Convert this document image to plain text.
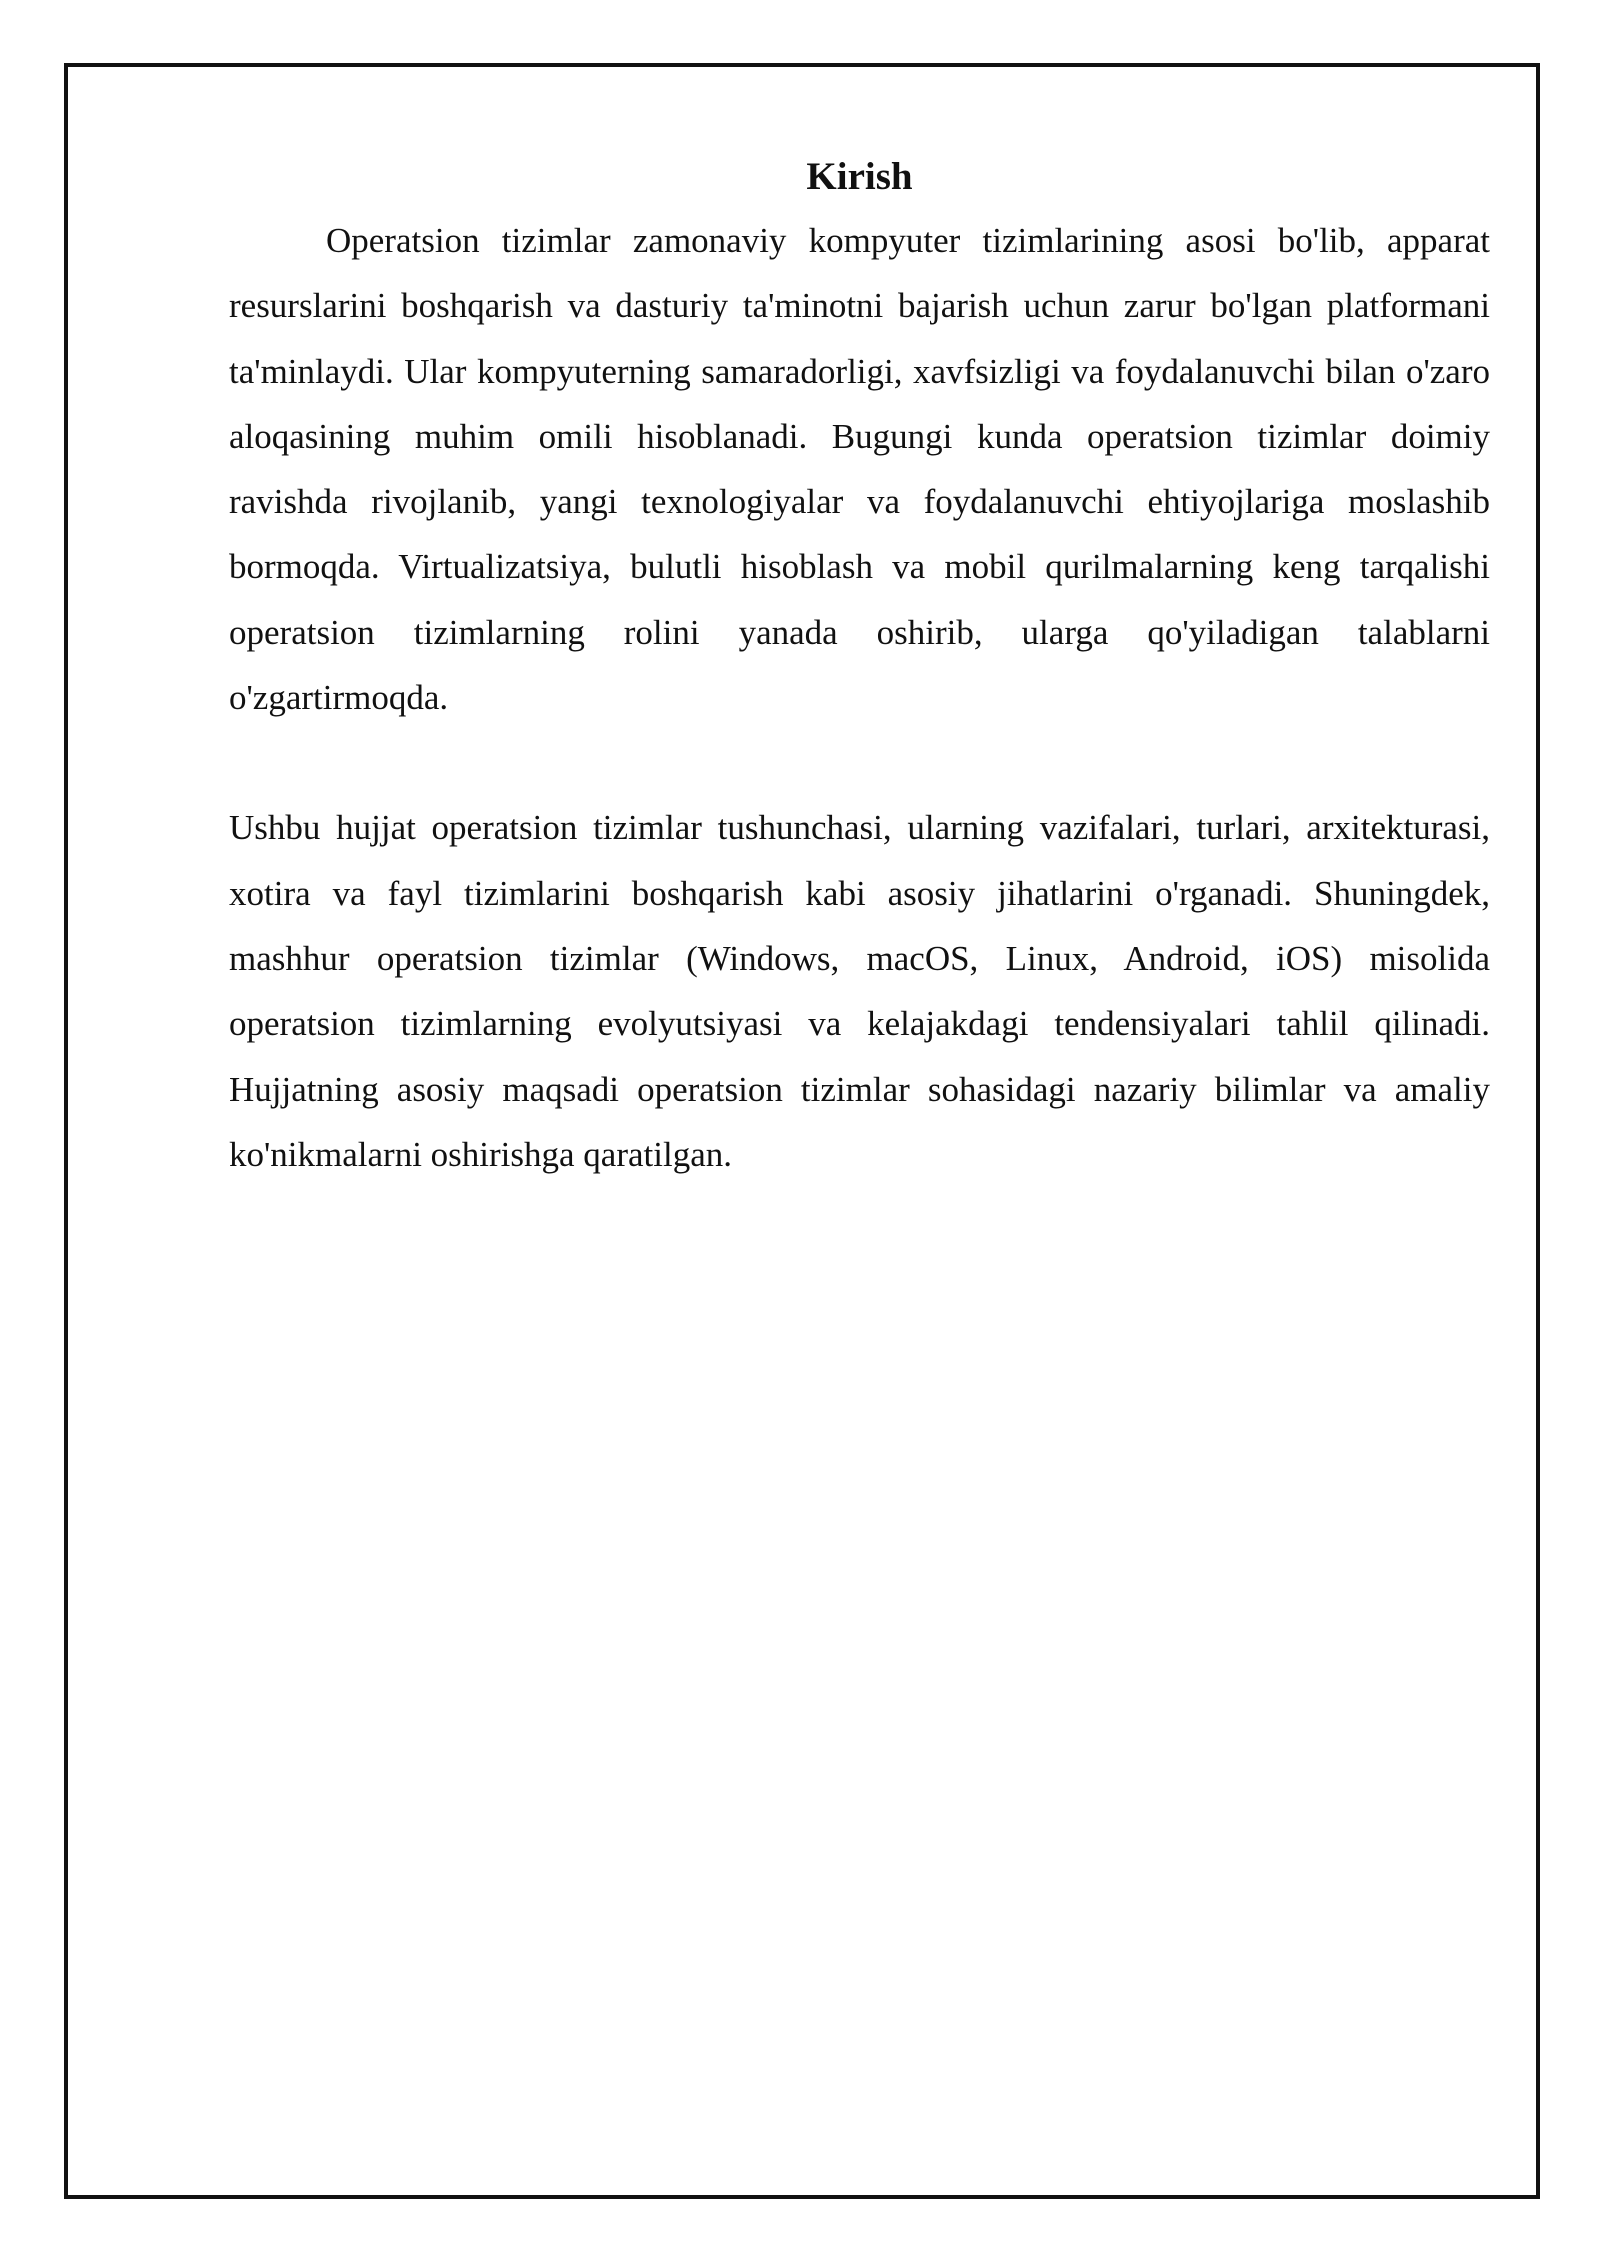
Kirish

Operatsion tizimlar zamonaviy kompyuter tizimlarining asosi bo'lib, apparat resurslarini boshqarish va dasturiy ta'minotni bajarish uchun zarur bo'lgan platformani ta'minlaydi. Ular kompyuterning samaradorligi, xavfsizligi va foydalanuvchi bilan o'zaro aloqasining muhim omili hisoblanadi. Bugungi kunda operatsion tizimlar doimiy ravishda rivojlanib, yangi texnologiyalar va foydalanuvchi ehtiyojlariga moslashib bormoqda. Virtualizatsiya, bulutli hisoblash va mobil qurilmalarning keng tarqalishi operatsion tizimlarning rolini yanada oshirib, ularga qo'yiladigan talablarni o'zgartirmoqda.

Ushbu hujjat operatsion tizimlar tushunchasi, ularning vazifalari, turlari, arxitekturasi, xotira va fayl tizimlarini boshqarish kabi asosiy jihatlarini o'rganadi. Shuningdek, mashhur operatsion tizimlar (Windows, macOS, Linux, Android, iOS) misolida operatsion tizimlarning evolyutsiyasi va kelajakdagi tendensiyalari tahlil qilinadi. Hujjatning asosiy maqsadi operatsion tizimlar sohasidagi nazariy bilimlar va amaliy ko'nikmalarni oshirishga qaratilgan.
